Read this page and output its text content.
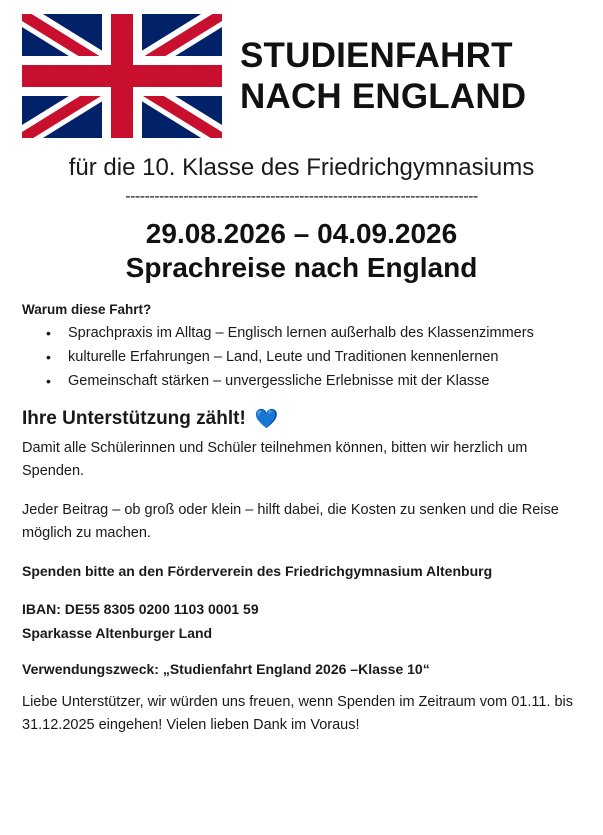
STUDIENFAHRT
NACH ENGLAND
für die 10. Klasse des Friedrichgymnasiums
-------------------------------------------------------------------------
29.08.2026 – 04.09.2026
Sprachreise nach England
Warum diese Fahrt?
• Sprachpraxis im Alltag – Englisch lernen außerhalb des Klassenzimmers
• kulturelle Erfahrungen – Land, Leute und Traditionen kennenlernen
• Gemeinschaft stärken – unvergessliche Erlebnisse mit der Klasse
Ihre Unterstützung zählt! 💙

Damit alle Schülerinnen und Schüler teilnehmen können, bitten wir herzlich um Spenden.

Jeder Beitrag – ob groß oder klein – hilft dabei, die Kosten zu senken und die Reise möglich zu machen.

Spenden bitte an den Förderverein des Friedrichgymnasium Altenburg

IBAN: DE55 8305 0200 1103 0001 59

Sparkasse Altenburger Land

Verwendungszweck: „Studienfahrt England 2026 –Klasse 10“

Liebe Unterstützer, wir würden uns freuen, wenn Spenden im Zeitraum vom 01.11. bis 31.12.2025 eingehen! Vielen lieben Dank im Voraus!
